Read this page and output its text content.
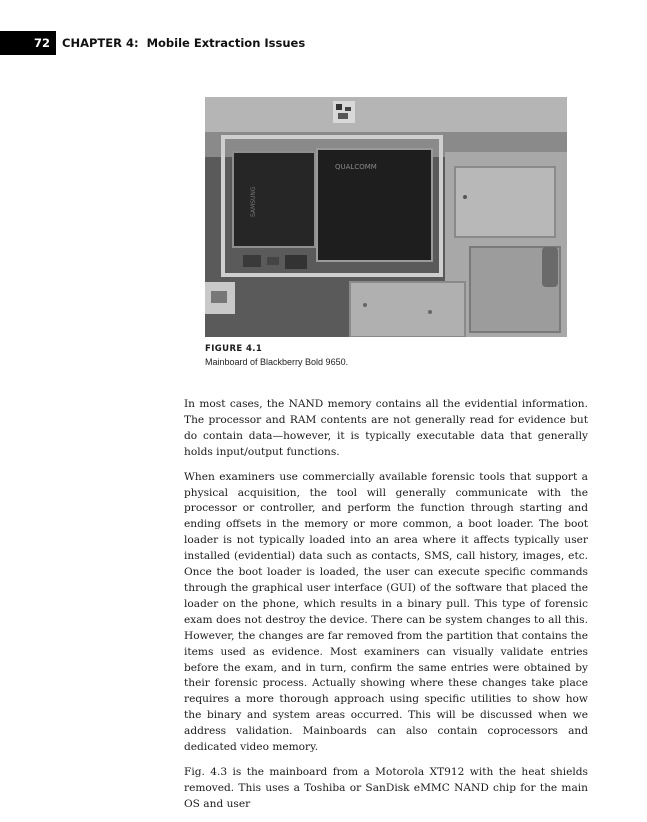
72	CHAPTER 4:
Mobile Extraction Issues
SAMSUNG
QUALCOMM
FIGURE 4.1
Mainboard of Blackberry Bold 9650.

In most cases, the NAND memory contains all the evidential information. The processor and RAM contents are not generally read for evidence but do contain data—however, it is typically executable data that generally holds input/output functions.

When examiners use commercially available forensic tools that support a physical acquisition, the tool will generally communicate with the processor or controller, and perform the function through starting and ending offsets in the memory or more common, a boot loader. The boot loader is not typically loaded into an area where it affects typically user installed (evidential) data such as contacts, SMS, call history, images, etc. Once the boot loader is loaded, the user can execute specific commands through the graphical user interface (GUI) of the software that placed the loader on the phone, which results in a binary pull. This type of forensic exam does not destroy the device. There can be system changes to all this. However, the changes are far removed from the partition that contains the items used as evidence. Most examiners can visually validate entries before the exam, and in turn, confirm the same entries were obtained by their forensic process. Actually showing where these changes take place requires a more thorough approach using specific utilities to show how the binary and system areas occurred. This will be discussed when we address validation. Mainboards can also contain coprocessors and dedicated video memory.

Fig. 4.3 is the mainboard from a Motorola XT912 with the heat shields removed. This uses a Toshiba or SanDisk eMMC NAND chip for the main OS and user
